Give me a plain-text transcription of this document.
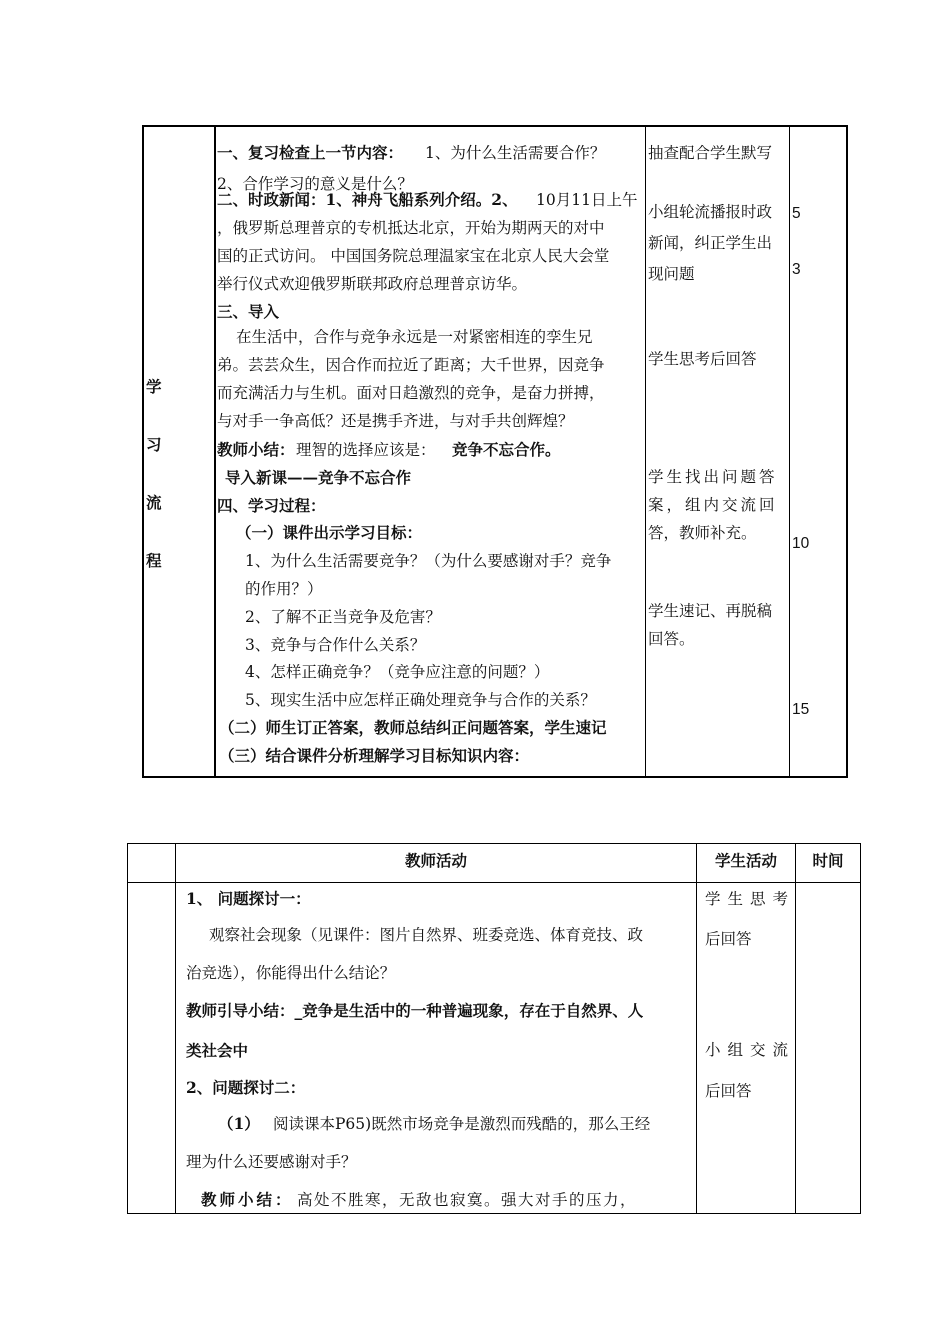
学
习
流
程
一、复习检查上一节内容： 1、为什么生活需要合作？
2、合作学习的意义是什么？
二、时政新闻：1、神舟飞船系列介绍。2、 10月11日上午
，俄罗斯总理普京的专机抵达北京，开始为期两天的对中
国的正式访问。 中国国务院总理温家宝在北京人民大会堂
举行仪式欢迎俄罗斯联邦政府总理普京访华。
三、导入
在生活中，合作与竞争永远是一对紧密相连的孪生兄
弟。芸芸众生，因合作而拉近了距离；大千世界，因竞争
而充满活力与生机。面对日趋激烈的竞争，是奋力拼搏，
与对手一争高低？还是携手齐进，与对手共创辉煌？
教师小结： 理智的选择应该是： 竞争不忘合作。
导入新课——竞争不忘合作
四、学习过程：
（一）课件出示学习目标：
1、为什么生活需要竞争？（为什么要感谢对手？竞争
的作用？）
2、了解不正当竞争及危害？
3、竞争与合作什么关系？
4、怎样正确竞争？（竞争应注意的问题？）
5、现实生活中应怎样正确处理竞争与合作的关系？
（二）师生订正答案，教师总结纠正问题答案，学生速记
（三）结合课件分析理解学习目标知识内容：
抽查配合学生默写
小组轮流播报时政
新闻，纠正学生出
现问题
学生思考后回答
学生找出问题答
案，组内交流回
答，教师补充。
学生速记、再脱稿
回答。
5
3
10
15
教师活动	学生活动	时间
1、 问题探讨一：
观察社会现象（见课件：图片自然界、班委竞选、体育竞技、政
治竞选），你能得出什么结论？
教师引导小结：_竞争是生活中的一种普遍现象，存在于自然界、人
类社会中
2、问题探讨二：
（1） 阅读课本P65)既然市场竞争是激烈而残酷的，那么王经
理为什么还要感谢对手？
教师小结： 高处不胜寒，无敌也寂寞。强大对手的压力，
学生思考
后回答
小组交流
后回答
